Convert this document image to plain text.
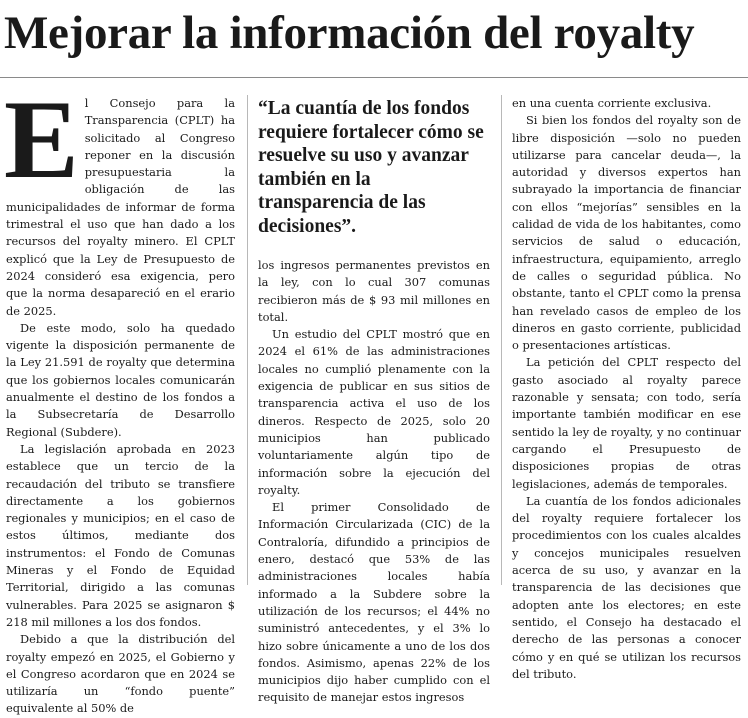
Mejorar la información del royalty

El Consejo para la Transparencia (CPLT) ha solicitado al Congreso reponer en la discusión presupuestaria la obligación de las municipalidades de informar de forma trimestral el uso que han dado a los recursos del royalty minero. El CPLT explicó que la Ley de Presupuesto de 2024 consideró esa exigencia, pero que la norma desapareció en el erario de 2025.

De este modo, solo ha quedado vigente la disposición permanente de la Ley 21.591 de royalty que determina que los gobiernos locales comunicarán anualmente el destino de los fondos a la Subsecretaría de Desarrollo Regional (Subdere).

La legislación aprobada en 2023 establece que un tercio de la recaudación del tributo se transfiere directamente a los gobiernos regionales y municipios; en el caso de estos últimos, mediante dos instrumentos: el Fondo de Comunas Mineras y el Fondo de Equidad Territorial, dirigido a las comunas vulnerables. Para 2025 se asignaron $ 218 mil millones a los dos fondos.

Debido a que la distribución del royalty empezó en 2025, el Gobierno y el Congreso acordaron que en 2024 se utilizaría un “fondo puente” equivalente al 50% de

“La cuantía de los fondos requiere fortalecer cómo se resuelve su uso y avanzar también en la transparencia de las decisiones”.

los ingresos permanentes previstos en la ley, con lo cual 307 comunas recibieron más de $ 93 mil millones en total.

Un estudio del CPLT mostró que en 2024 el 61% de las administraciones locales no cumplió plenamente con la exigencia de publicar en sus sitios de transparencia activa el uso de los dineros. Respecto de 2025, solo 20 municipios han publicado voluntariamente algún tipo de información sobre la ejecución del royalty.

El primer Consolidado de Información Circularizada (CIC) de la Contraloría, difundido a principios de enero, destacó que 53% de las administraciones locales había informado a la Subdere sobre la utilización de los recursos; el 44% no suministró antecedentes, y el 3% lo hizo sobre únicamente a uno de los dos fondos. Asimismo, apenas 22% de los municipios dijo haber cumplido con el requisito de manejar estos ingresos

en una cuenta corriente exclusiva.

Si bien los fondos del royalty son de libre disposición —solo no pueden utilizarse para cancelar deuda—, la autoridad y diversos expertos han subrayado la importancia de financiar con ellos “mejorías” sensibles en la calidad de vida de los habitantes, como servicios de salud o educación, infraestructura, equipamiento, arreglo de calles o seguridad pública. No obstante, tanto el CPLT como la prensa han revelado casos de empleo de los dineros en gasto corriente, publicidad o presentaciones artísticas.

La petición del CPLT respecto del gasto asociado al royalty parece razonable y sensata; con todo, sería importante también modificar en ese sentido la ley de royalty, y no continuar cargando el Presupuesto de disposiciones propias de otras legislaciones, además de temporales.

La cuantía de los fondos adicionales del royalty requiere fortalecer los procedimientos con los cuales alcaldes y concejos municipales resuelven acerca de su uso, y avanzar en la transparencia de las decisiones que adopten ante los electores; en este sentido, el Consejo ha destacado el derecho de las personas a conocer cómo y en qué se utilizan los recursos del tributo.
